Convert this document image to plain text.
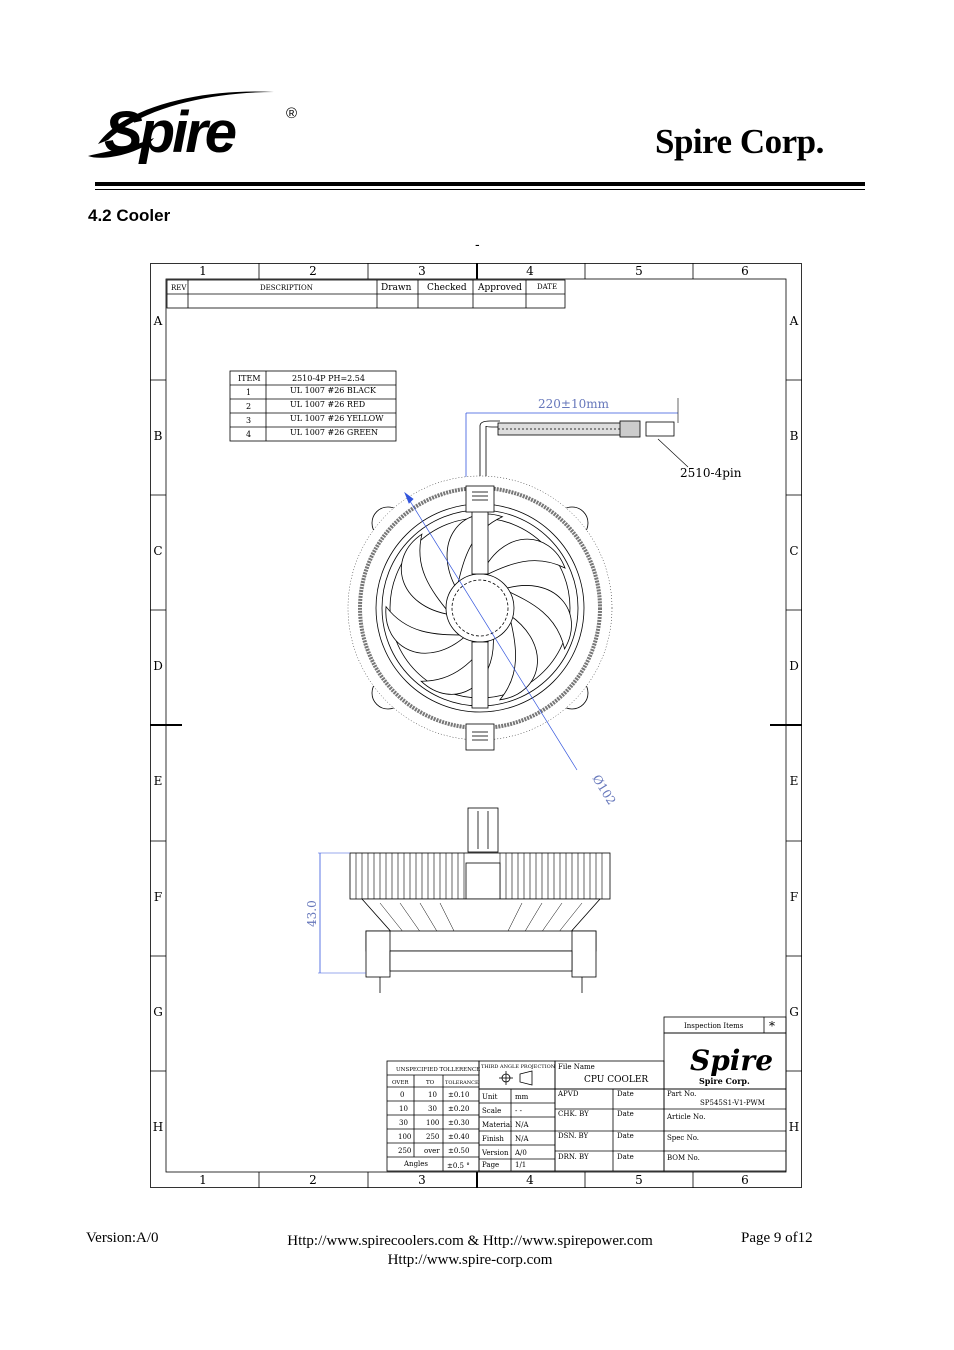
Spire	®
Spire Corp.
4.2 Cooler
-
1	2	3	4	5	6
1	2	3	4	5	6
A
B
C
D
E
F
G
H
A
B
C
D
E
F
G
H
REV	DESCRIPTION	Drawn Checked Approved DATE
ITEM	2510-4P PH=2.54
1	UL 1007 #26 BLACK
2	UL 1007 #26 RED
3	UL 1007 #26 YELLOW
4	UL 1007 #26 GREEN
220±10mm
2510-4pin
Ø102
43.0
Inspection Items *
Spire
Spire Corp.
UNSPECIFIED TOLLERENCE
OVER	TO TOLERANCE
0	10 ±0.10
10	30 ±0.20
30	100 ±0.30
100 250 ±0.40
250 over ±0.50
Angles	±0.5 °
THIRD ANGLE PROJECTION
Unit	mm
Scale - -
Material N/A
Finish N/A
Version A/0
Page 1/1
File Name
CPU COOLER
APVD	Date
CHK. BY	Date
DSN. BY	Date
DRN. BY	Date
Part No.
SP545S1-V1-PWM
Article No.
Spec No.
BOM No.
Version:A/0	Http://www.spirecoolers.com & Http://www.spirepower.com
Http://www.spire-corp.com
Page 9 of12
